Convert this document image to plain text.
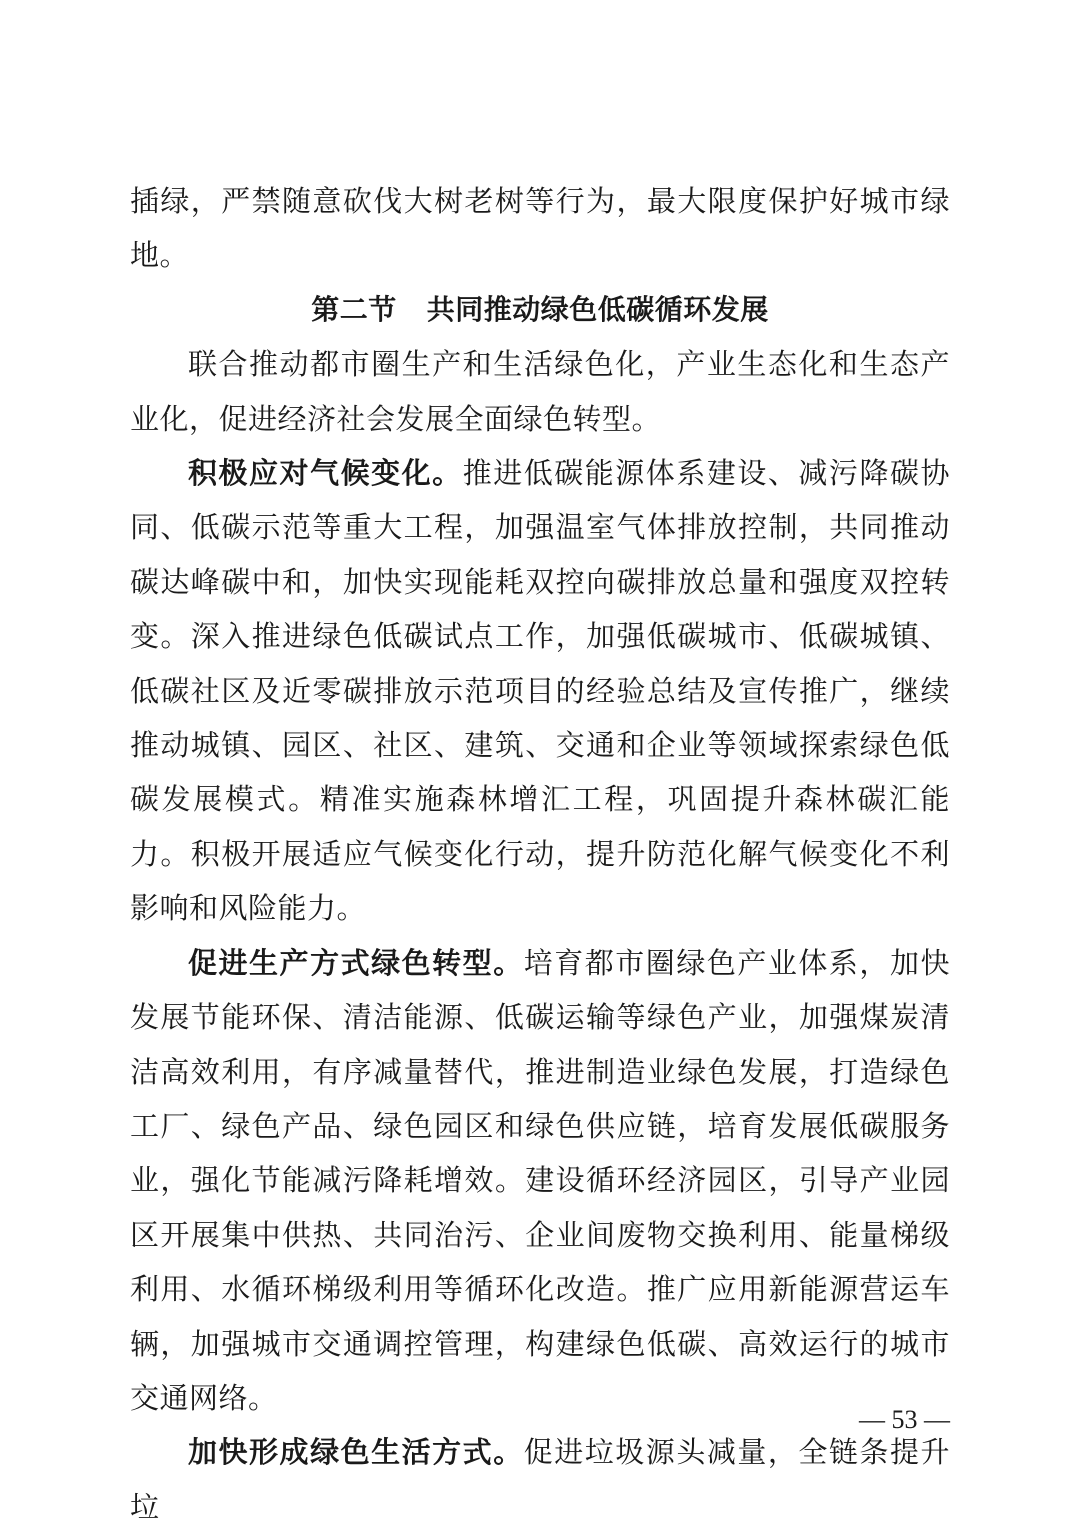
插绿，严禁随意砍伐大树老树等行为，最大限度保护好城市绿地。

第二节 共同推动绿色低碳循环发展

联合推动都市圈生产和生活绿色化，产业生态化和生态产业化，促进经济社会发展全面绿色转型。

积极应对气候变化。推进低碳能源体系建设、减污降碳协同、低碳示范等重大工程，加强温室气体排放控制，共同推动碳达峰碳中和，加快实现能耗双控向碳排放总量和强度双控转变。深入推进绿色低碳试点工作，加强低碳城市、低碳城镇、低碳社区及近零碳排放示范项目的经验总结及宣传推广，继续推动城镇、园区、社区、建筑、交通和企业等领域探索绿色低碳发展模式。精准实施森林增汇工程，巩固提升森林碳汇能力。积极开展适应气候变化行动，提升防范化解气候变化不利影响和风险能力。

促进生产方式绿色转型。培育都市圈绿色产业体系，加快发展节能环保、清洁能源、低碳运输等绿色产业，加强煤炭清洁高效利用，有序减量替代，推进制造业绿色发展，打造绿色工厂、绿色产品、绿色园区和绿色供应链，培育发展低碳服务业，强化节能减污降耗增效。建设循环经济园区，引导产业园区开展集中供热、共同治污、企业间废物交换利用、能量梯级利用、水循环梯级利用等循环化改造。推广应用新能源营运车辆，加强城市交通调控管理，构建绿色低碳、高效运行的城市交通网络。

加快形成绿色生活方式。促进垃圾源头减量，全链条提升垃

— 53 —
